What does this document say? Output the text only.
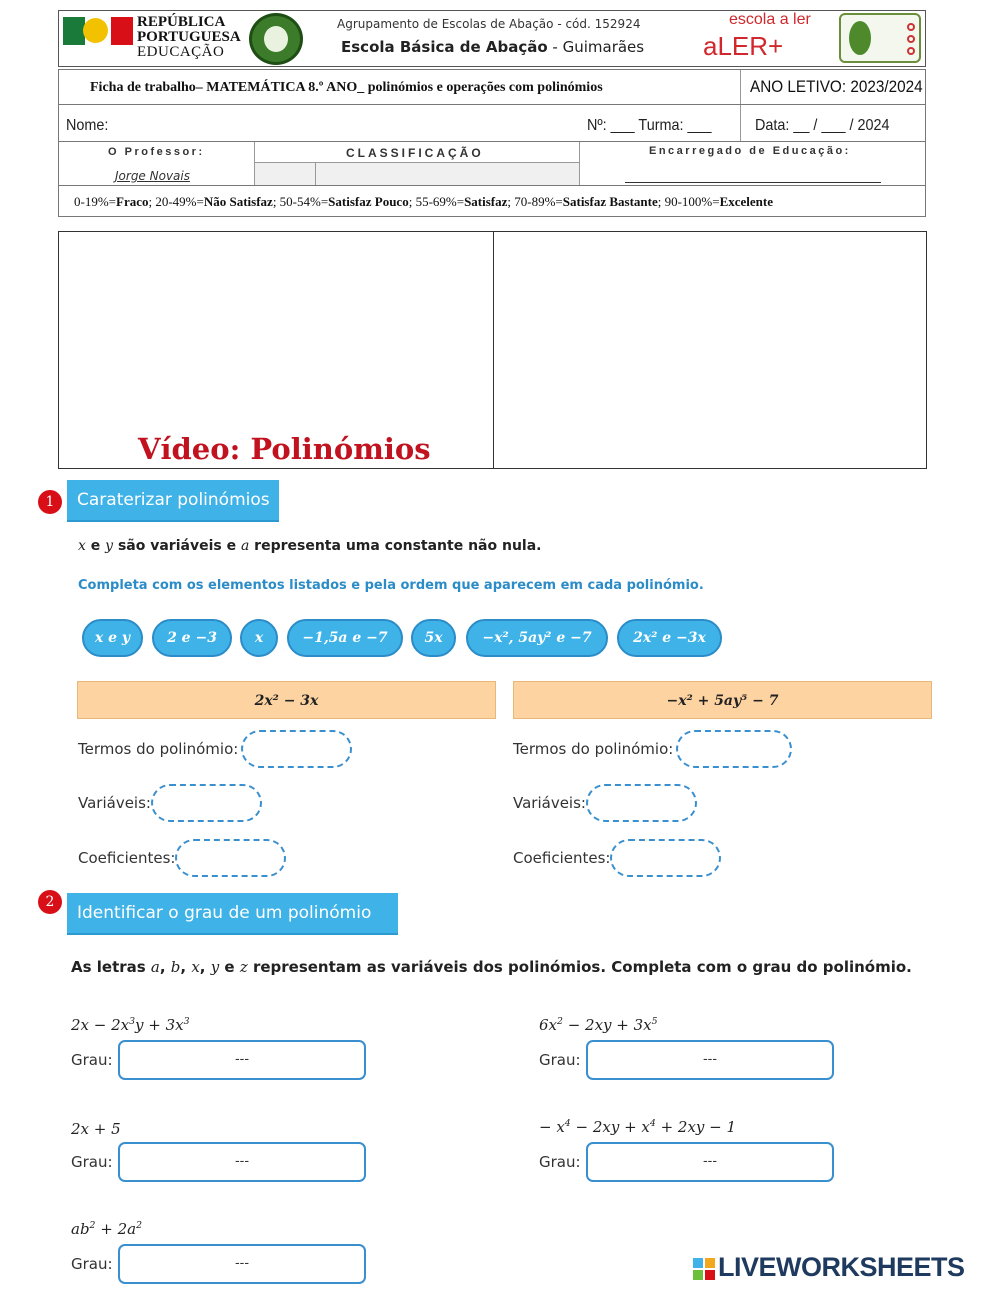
REPÚBLICA
PORTUGUESA
EDUCAÇÃO
Agrupamento de Escolas de Abação - cód. 152924
Escola Básica de Abação - Guimarães
escola a ler
aLER+
Ficha de trabalho– MATEMÁTICA 8.º ANO_ polinómios e operações com polinómios	ANO LETIVO: 2023/2024
Nome:	Nº: ___ Turma: ___	Data: __ / ___ / 2024
O Professor:
Jorge Novais
CLASSIFICAÇÃO	Encarregado de Educação:
0-19%=Fraco; 20-49%=Não Satisfaz; 50-54%=Satisfaz Pouco; 55-69%=Satisfaz; 70-89%=Satisfaz Bastante; 90-100%=Excelente
Vídeo: Polinómios
1	Caraterizar polinómios
x e y são variáveis e a representa uma constante não nula.
Completa com os elementos listados e pela ordem que aparecem em cada polinómio.
x e y	2 e −3	x	−1,5a e −7	5x	−x², 5ay² e −7	2x² e −3x
2x² − 3x	−x² + 5ay⁵ − 7
Termos do polinómio:
Variáveis:
Coeficientes:
Termos do polinómio:
Variáveis:
Coeficientes:
2
Identificar o grau de um polinómio
As letras a, b, x, y e z representam as variáveis dos polinómios. Completa com o grau do polinómio.
$2x - 2x^3y + 3x^3$
Grau:	---
$6x^2 - 2xy + 3x^5$
Grau:	---
2x + 5
Grau:	---
− $x^4 - 2xy + x^4 + 2xy - 1$
Grau:	---
$ab^2 + 2a^2$
Grau:	---	LIVEWORKSHEETS
